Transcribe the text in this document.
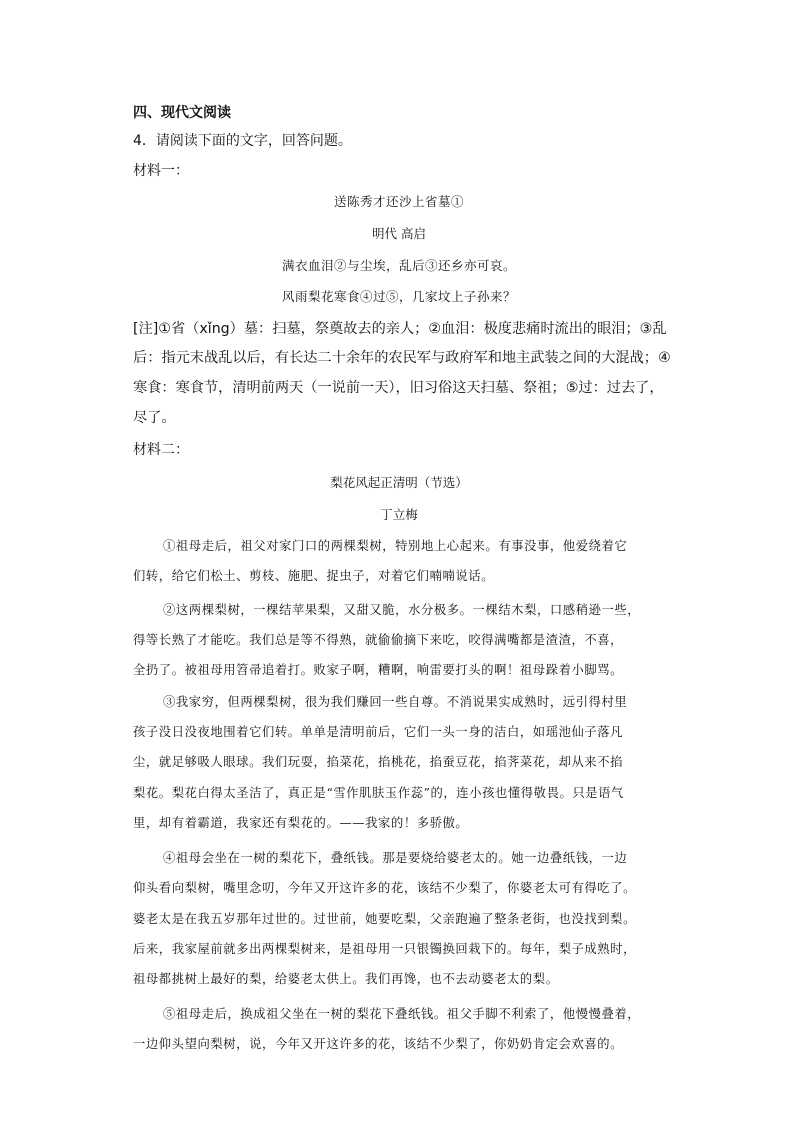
四、现代文阅读
4．请阅读下面的文字，回答问题。
材料一：
送陈秀才还沙上省墓①
明代 高启
满衣血泪②与尘埃，乱后③还乡亦可哀。
风雨梨花寒食④过⑤，几家坟上子孙来？
[注]①省（xǐng）墓：扫墓，祭奠故去的亲人；②血泪：极度悲痛时流出的眼泪；③乱
后：指元末战乱以后，有长达二十余年的农民军与政府军和地主武装之间的大混战；④
寒食：寒食节，清明前两天（一说前一天），旧习俗这天扫墓、祭祖；⑤过：过去了，
尽了。
材料二：
梨花风起正清明（节选）
丁立梅
①祖母走后，祖父对家门口的两棵梨树，特别地上心起来。有事没事，他爱绕着它
们转，给它们松土、剪枝、施肥、捉虫子，对着它们喃喃说话。
②这两棵梨树，一棵结苹果梨，又甜又脆，水分极多。一棵结木梨，口感稍逊一些，
得等长熟了才能吃。我们总是等不得熟，就偷偷摘下来吃，咬得满嘴都是渣渣，不喜，
全扔了。被祖母用笤帚追着打。败家子啊，糟啊，响雷要打头的啊！祖母跺着小脚骂。
③我家穷，但两棵梨树，很为我们赚回一些自尊。不消说果实成熟时，远引得村里
孩子没日没夜地围着它们转。单单是清明前后，它们一头一身的洁白，如瑶池仙子落凡
尘，就足够吸人眼球。我们玩耍，掐菜花，掐桃花，掐蚕豆花，掐荠菜花，却从来不掐
梨花。梨花白得太圣洁了，真正是“雪作肌肤玉作蕊”的，连小孩也懂得敬畏。只是语气
里，却有着霸道，我家还有梨花的。——我家的！多骄傲。
④祖母会坐在一树的梨花下，叠纸钱。那是要烧给婆老太的。她一边叠纸钱，一边
仰头看向梨树，嘴里念叨，今年又开这许多的花，该结不少梨了，你婆老太可有得吃了。
婆老太是在我五岁那年过世的。过世前，她要吃梨，父亲跑遍了整条老街，也没找到梨。
后来，我家屋前就多出两棵梨树来，是祖母用一只银镯换回栽下的。每年，梨子成熟时，
祖母都挑树上最好的梨，给婆老太供上。我们再馋，也不去动婆老太的梨。
⑤祖母走后，换成祖父坐在一树的梨花下叠纸钱。祖父手脚不利索了，他慢慢叠着，
一边仰头望向梨树，说，今年又开这许多的花，该结不少梨了，你奶奶肯定会欢喜的。
